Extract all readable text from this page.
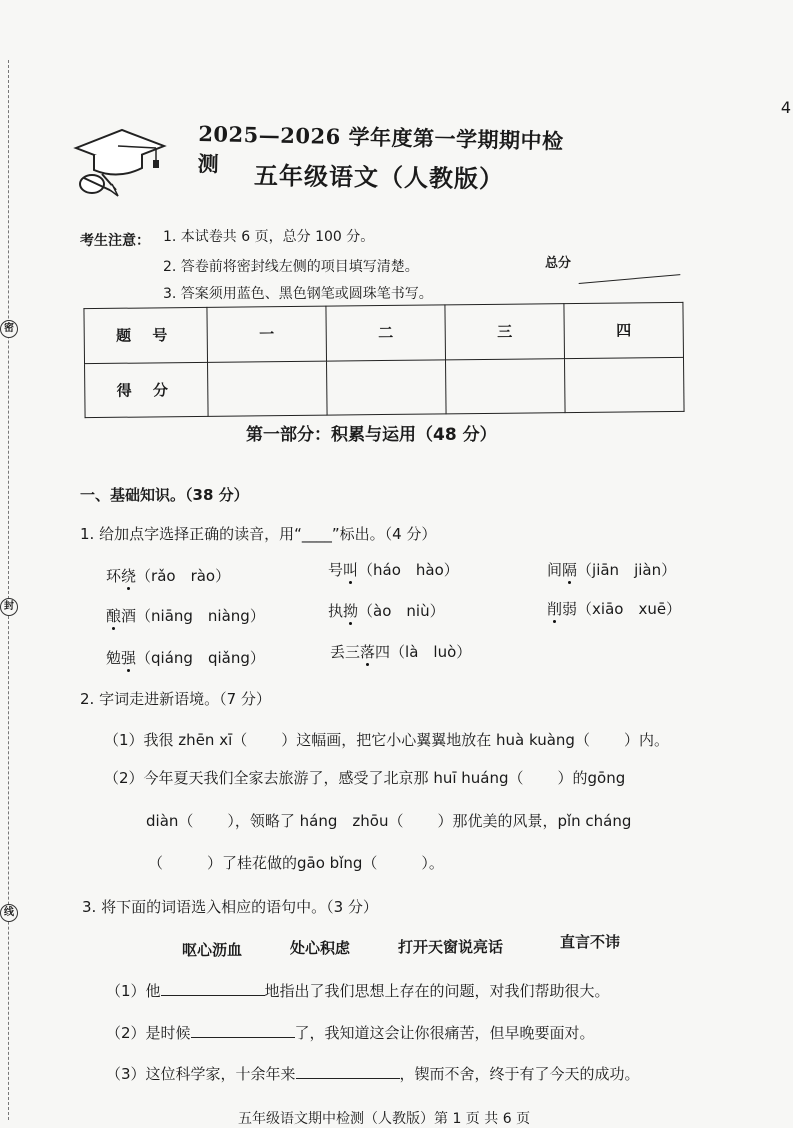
密
封
线
4
2025—2026 学年度第一学期期中检测	五年级语文（人教版）
考生注意： 1. 本试卷共 6 页，总分 100 分。
2. 答卷前将密封线左侧的项目填写清楚。
3. 答案须用蓝色、黑色钢笔或圆珠笔书写。
总分
题 号	一	二	三	四
得 分				
第一部分：积累与运用（48 分）
一、基础知识。（38 分）
1. 给加点字选择正确的读音，用“____”标出。（4 分）
环绕（rǎo　rào）	号叫（háo　hào）	间隔（jiān　jiàn）
酿酒（niāng　niàng）	执拗（ào　niù）	削弱（xiāo　xuē）
勉强（qiáng　qiǎng）	丢三落四（là　luò）
2. 字词走进新语境。（7 分）
（1）我很 zhēn xī（ ）这幅画，把它小心翼翼地放在 huà kuàng（ ）内。
（2）今年夏天我们全家去旅游了，感受了北京那 huī huáng（ ）的gōng
diàn（ ），领略了 háng　zhōu（ ）那优美的风景，pǐn cháng
（	）了桂花做的gāo bǐng（	）。
3. 将下面的词语选入相应的语句中。（3 分）
呕心沥血	处心积虑	打开天窗说亮话	直言不讳
（1）他	地指出了我们思想上存在的问题，对我们帮助很大。
（2）是时候	了，我知道这会让你很痛苦，但早晚要面对。
（3）这位科学家，十余年来	，锲而不舍，终于有了今天的成功。
五年级语文期中检测（人教版）第 1 页 共 6 页
